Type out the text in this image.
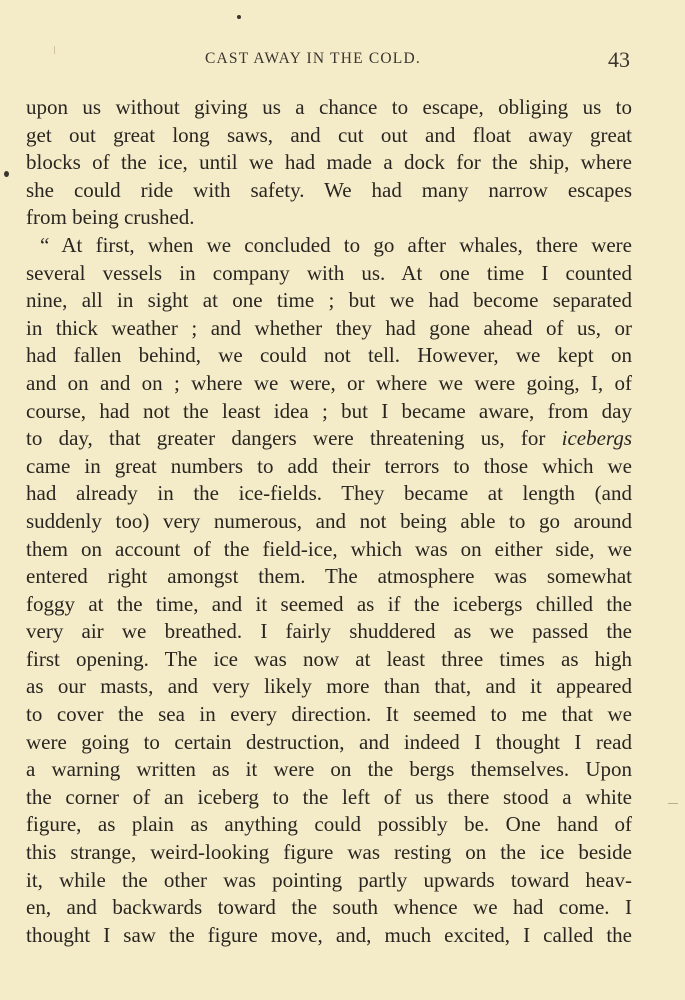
CAST AWAY IN THE COLD.	43
upon us without giving us a chance to escape, obliging us to
get out great long saws, and cut out and float away great
blocks of the ice, until we had made a dock for the ship, where
she could ride with safety. We had many narrow escapes
from being crushed.
“ At first, when we concluded to go after whales, there were
several vessels in company with us. At one time I counted
nine, all in sight at one time ; but we had become separated
in thick weather ; and whether they had gone ahead of us, or
had fallen behind, we could not tell. However, we kept on
and on and on ; where we were, or where we were going, I, of
course, had not the least idea ; but I became aware, from day
to day, that greater dangers were threatening us, for icebergs
came in great numbers to add their terrors to those which we
had already in the ice-fields. They became at length (and
suddenly too) very numerous, and not being able to go around
them on account of the field-ice, which was on either side, we
entered right amongst them. The atmosphere was somewhat
foggy at the time, and it seemed as if the icebergs chilled the
very air we breathed. I fairly shuddered as we passed the
first opening. The ice was now at least three times as high
as our masts, and very likely more than that, and it appeared
to cover the sea in every direction. It seemed to me that we
were going to certain destruction, and indeed I thought I read
a warning written as it were on the bergs themselves. Upon
the corner of an iceberg to the left of us there stood a white
figure, as plain as anything could possibly be. One hand of
this strange, weird-looking figure was resting on the ice beside
it, while the other was pointing partly upwards toward heav-
en, and backwards toward the south whence we had come. I
thought I saw the figure move, and, much excited, I called the
